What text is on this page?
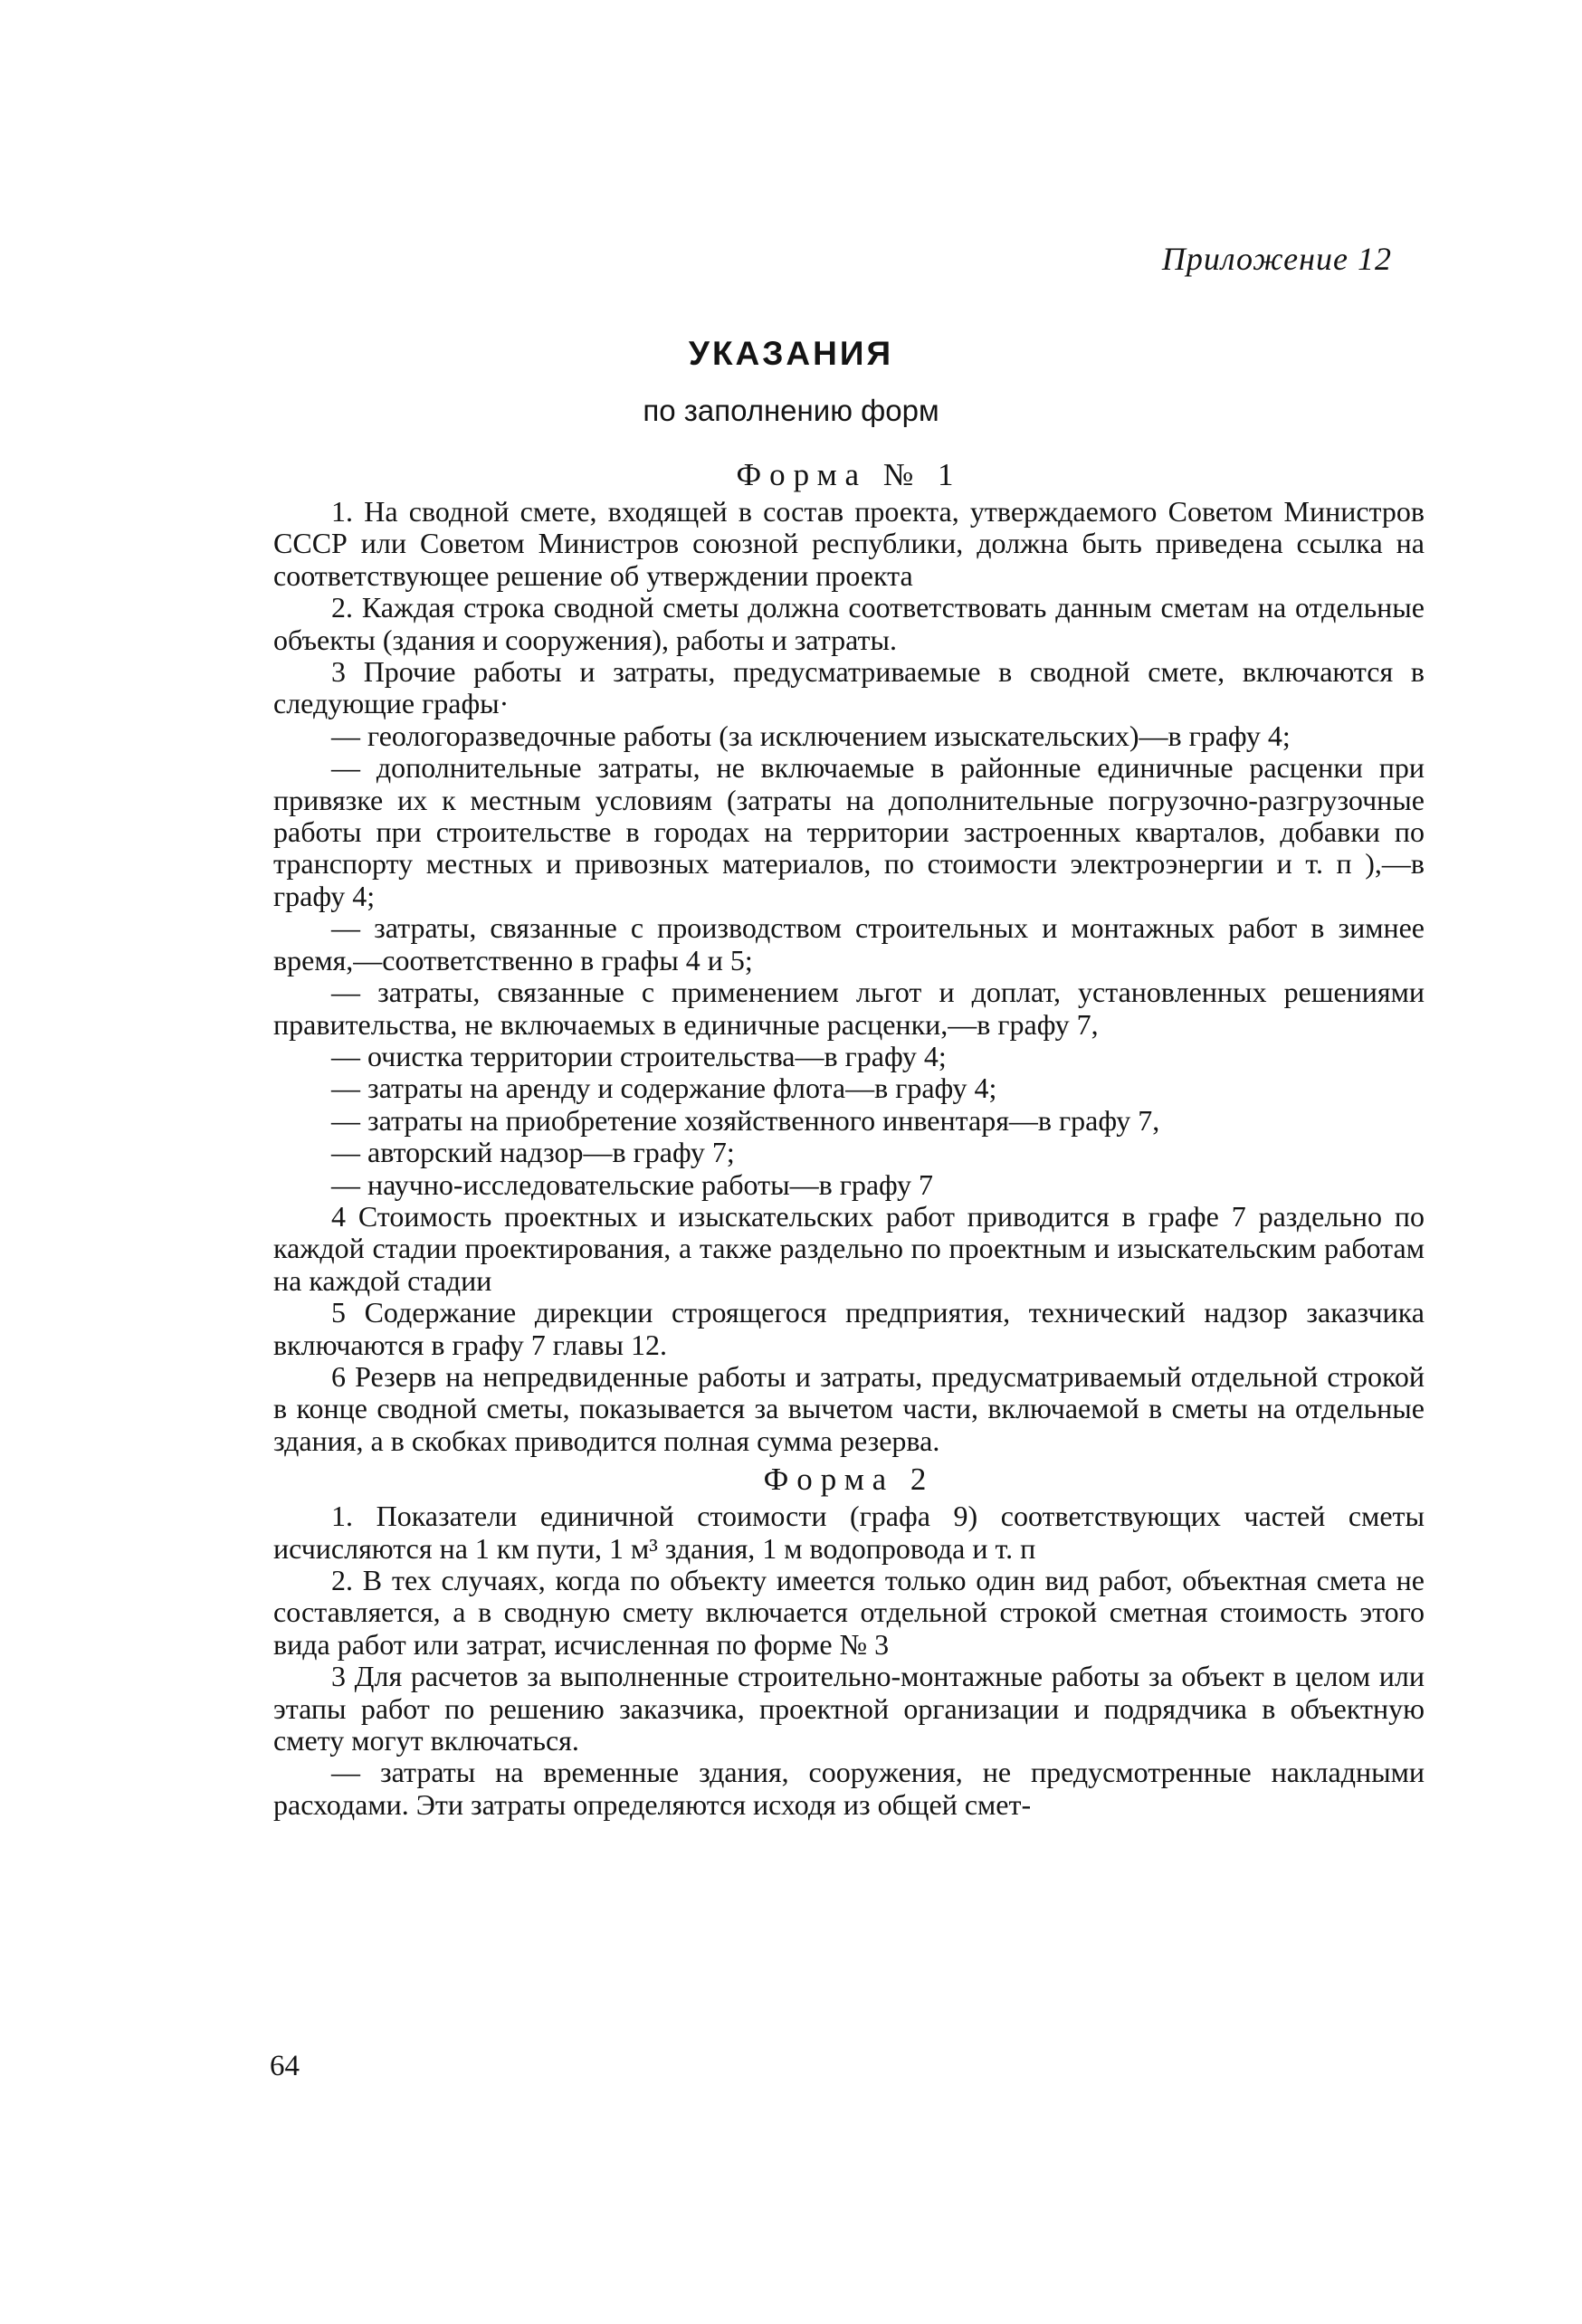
Приложение 12
УКАЗАНИЯ
по заполнению форм
Форма № 1

1. На сводной смете, входящей в состав проекта, утверждаемого Советом Министров СССР или Советом Министров союзной республики, должна быть приведена ссылка на соответствующее решение об утверждении проекта

2. Каждая строка сводной сметы должна соответствовать данным сметам на отдельные объекты (здания и сооружения), работы и затраты.

3 Прочие работы и затраты, предусматриваемые в сводной смете, включаются в следующие графы·

— геологоразведочные работы (за исключением изыскательских)—в графу 4;

— дополнительные затраты, не включаемые в районные единичные расценки при привязке их к местным условиям (затраты на дополнительные погрузочно-разгрузочные работы при строительстве в городах на территории застроенных кварталов, добавки по транспорту местных и привозных материалов, по стоимости электроэнергии и т. п ),—в графу 4;

— затраты, связанные с производством строительных и монтажных работ в зимнее время,—соответственно в графы 4 и 5;

— затраты, связанные с применением льгот и доплат, установленных решениями правительства, не включаемых в единичные расценки,—в графу 7,

— очистка территории строительства—в графу 4;

— затраты на аренду и содержание флота—в графу 4;

— затраты на приобретение хозяйственного инвентаря—в графу 7,

— авторский надзор—в графу 7;

— научно-исследовательские работы—в графу 7

4 Стоимость проектных и изыскательских работ приводится в графе 7 раздельно по каждой стадии проектирования, а также раздельно по проектным и изыскательским работам на каждой стадии

5 Содержание дирекции строящегося предприятия, технический надзор заказчика включаются в графу 7 главы 12.

6 Резерв на непредвиденные работы и затраты, предусматриваемый отдельной строкой в конце сводной сметы, показывается за вычетом части, включаемой в сметы на отдельные здания, а в скобках приводится полная сумма резерва.

Форма 2

1. Показатели единичной стоимости (графа 9) соответствующих частей сметы исчисляются на 1 км пути, 1 м³ здания, 1 м водопровода и т. п

2. В тех случаях, когда по объекту имеется только один вид работ, объектная смета не составляется, а в сводную смету включается отдельной строкой сметная стоимость этого вида работ или затрат, исчисленная по форме № 3

3 Для расчетов за выполненные строительно-монтажные работы за объект в целом или этапы работ по решению заказчика, проектной организации и подрядчика в объектную смету могут включаться.

— затраты на временные здания, сооружения, не предусмотренные накладными расходами. Эти затраты определяются исходя из общей смет-

64
